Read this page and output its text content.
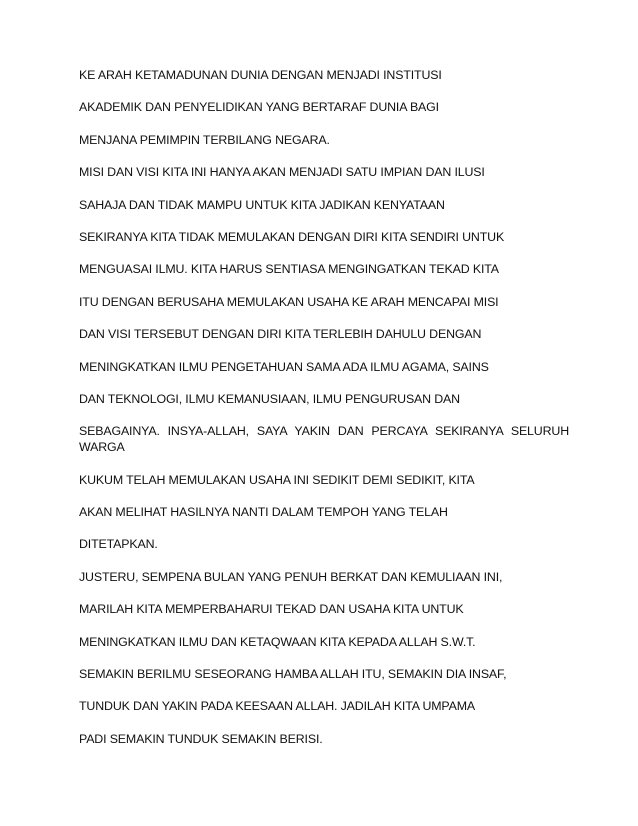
KE ARAH KETAMADUNAN DUNIA DENGAN MENJADI INSTITUSI
AKADEMIK DAN PENYELIDIKAN YANG BERTARAF DUNIA BAGI
MENJANA PEMIMPIN TERBILANG NEGARA.
MISI DAN VISI KITA INI HANYA AKAN MENJADI SATU IMPIAN DAN ILUSI
SAHAJA DAN TIDAK MAMPU UNTUK KITA JADIKAN KENYATAAN
SEKIRANYA KITA TIDAK MEMULAKAN DENGAN DIRI KITA SENDIRI UNTUK
MENGUASAI ILMU. KITA HARUS SENTIASA MENGINGATKAN TEKAD KITA
ITU DENGAN BERUSAHA MEMULAKAN USAHA KE ARAH MENCAPAI MISI
DAN VISI TERSEBUT DENGAN DIRI KITA TERLEBIH DAHULU DENGAN
MENINGKATKAN ILMU PENGETAHUAN SAMA ADA ILMU AGAMA, SAINS
DAN TEKNOLOGI, ILMU KEMANUSIAAN, ILMU PENGURUSAN DAN
SEBAGAINYA. INSYA-ALLAH, SAYA YAKIN DAN PERCAYA SEKIRANYA SELURUH
WARGA
KUKUM TELAH MEMULAKAN USAHA INI SEDIKIT DEMI SEDIKIT, KITA
AKAN MELIHAT HASILNYA NANTI DALAM TEMPOH YANG TELAH
DITETAPKAN.
JUSTERU, SEMPENA BULAN YANG PENUH BERKAT DAN KEMULIAAN INI,
MARILAH KITA MEMPERBAHARUI TEKAD DAN USAHA KITA UNTUK
MENINGKATKAN ILMU DAN KETAQWAAN KITA KEPADA ALLAH S.W.T.
SEMAKIN BERILMU SESEORANG HAMBA ALLAH ITU, SEMAKIN DIA INSAF,
TUNDUK DAN YAKIN PADA KEESAAN ALLAH. JADILAH KITA UMPAMA
PADI SEMAKIN TUNDUK SEMAKIN BERISI.
